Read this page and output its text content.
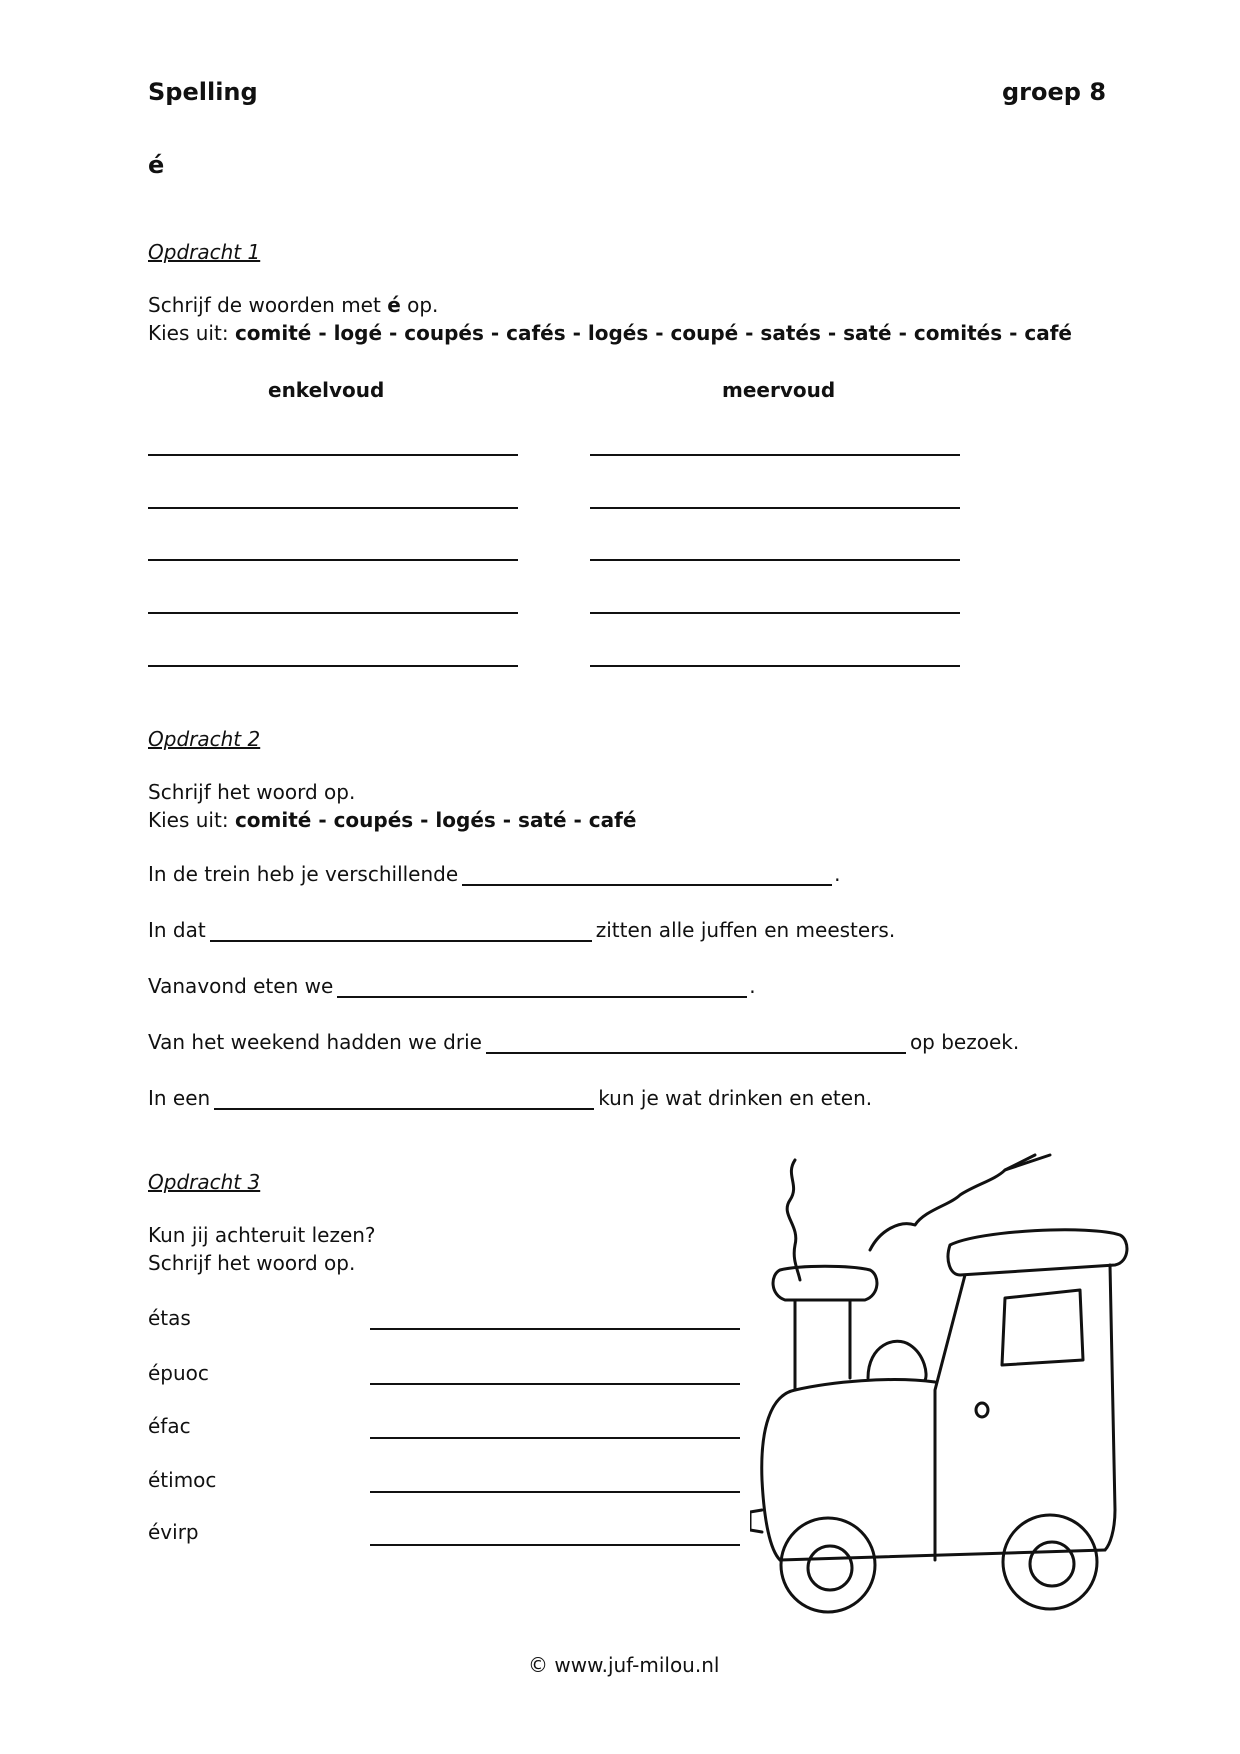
Spelling	groep 8
é
Opdracht 1
Schrijf de woorden met é op.
Kies uit: comité - logé - coupés - cafés - logés - coupé - satés - saté - comités - café
enkelvoud	meervoud
Opdracht 2
Schrijf het woord op.
Kies uit: comité - coupés - logés - saté - café
In de trein heb je verschillende	.
In dat	zitten alle juffen en meesters.
Vanavond eten we	.
Van het weekend hadden we drie	op bezoek.
In een	kun je wat drinken en eten.
Opdracht 3
Kun jij achteruit lezen?
Schrijf het woord op.
étas
épuoc
éfac
étimoc
évirp
© www.juf-milou.nl
